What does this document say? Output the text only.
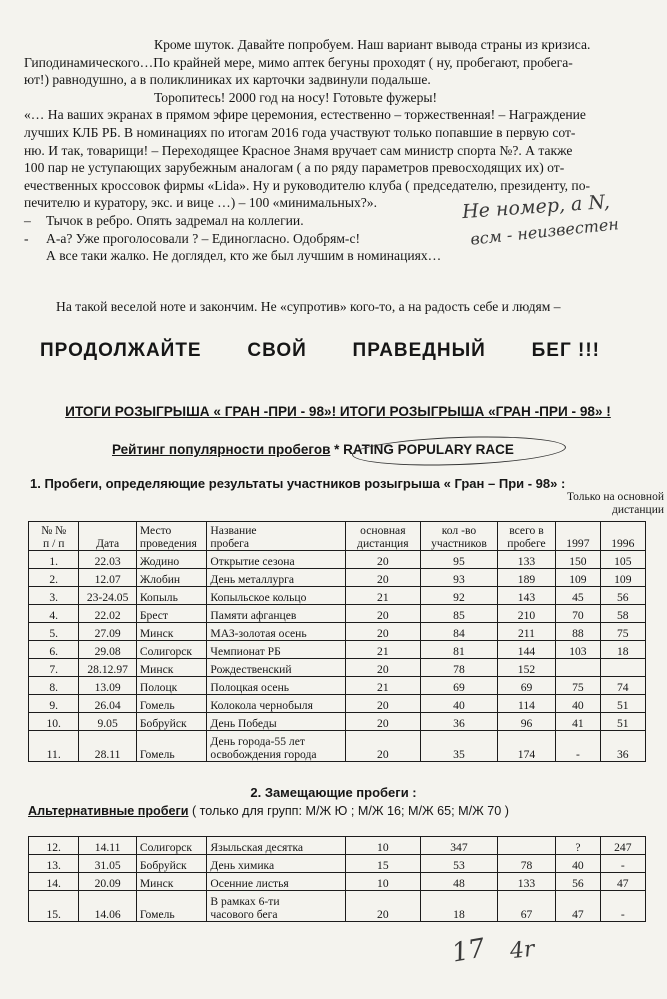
Кроме шуток. Давайте попробуем. Наш вариант вывода страны из кризиса.

Гиподинамического…По крайней мере, мимо аптек бегуны проходят ( ну, пробегают, пробега-

ют!) равнодушно, а в поликлиниках их карточки задвинули подальше.

Торопитесь! 2000 год на носу! Готовьте фужеры!

«… На ваших экранах в прямом эфире церемония, естественно – торжественная! – Награждение

лучших КЛБ РБ. В номинациях по итогам 2016 года участвуют только попавшие в первую сот-

ню. И так, товарищи! – Переходящее Красное Знамя вручает сам министр спорта №?. А также

100 пар не уступающих зарубежным аналогам ( а по ряду параметров превосходящих их) от-

ечественных кроссовок фирмы «Lida». Ну и руководителю клуба ( председателю, президенту, по-

печителю и куратору, экс. и вице …) – 100 «минимальных?».

– Тычок в ребро. Опять задремал на коллегии.

- А-а? Уже проголосовали ? – Единогласно. Одобрям-с!

А все таки жалко. Не доглядел, кто же был лучшим в номинациях…

На такой веселой ноте и закончим. Не «супротив» кого-то, а на радость себе и людям –

Не номер, а N,
всм - неизвестен
ПРОДОЛЖАЙТЕ СВОЙ ПРАВЕДНЫЙ БЕГ !!!
ИТОГИ РОЗЫГРЫША « ГРАН -ПРИ - 98»! ИТОГИ РОЗЫГРЫША «ГРАН -ПРИ - 98» !
Рейтинг популярности пробегов * RATING POPULARY RACE
1. Пробеги, определяющие результаты участников розыгрыша « Гран – При - 98» :
Только на основной дистанции
№ №
п / п	Дата	Место
проведения	Название
пробега	основная
дистанция	кол -во
участников	всего в
пробеге	1997	1996
1.	22.03	Жодино	Открытие сезона	20	95	133	150	105
2.	12.07	Жлобин	День металлурга	20	93	189	109	109
3.	23-24.05	Копыль	Копыльское кольцо	21	92	143	45	56
4.	22.02	Брест	Памяти афганцев	20	85	210	70	58
5.	27.09	Минск	МАЗ-золотая осень	20	84	211	88	75
6.	29.08	Солигорск	Чемпионат РБ	21	81	144	103	18
7.	28.12.97	Минск	Рождественский	20	78	152		
8.	13.09	Полоцк	Полоцкая осень	21	69	69	75	74
9.	26.04	Гомель	Колокола чернобыля	20	40	114	40	51
10.	9.05	Бобруйск	День Победы	20	36	96	41	51
11.	28.11	Гомель	День города-55 лет
освобождения города	20	35	174	-	36
2. Замещающие пробеги :
Альтернативные пробеги ( только для групп: М/Ж Ю ; М/Ж 16; М/Ж 65; М/Ж 70 )
12.	14.11	Солигорск	Языльская десятка	10	347		?	247
13.	31.05	Бобруйск	День химика	15	53	78	40	-
14.	20.09	Минск	Осенние листья	10	48	133	56	47
15.	14.06	Гомель	В рамках 6-ти
часового бега	20	18	67	47	-
17 4r
